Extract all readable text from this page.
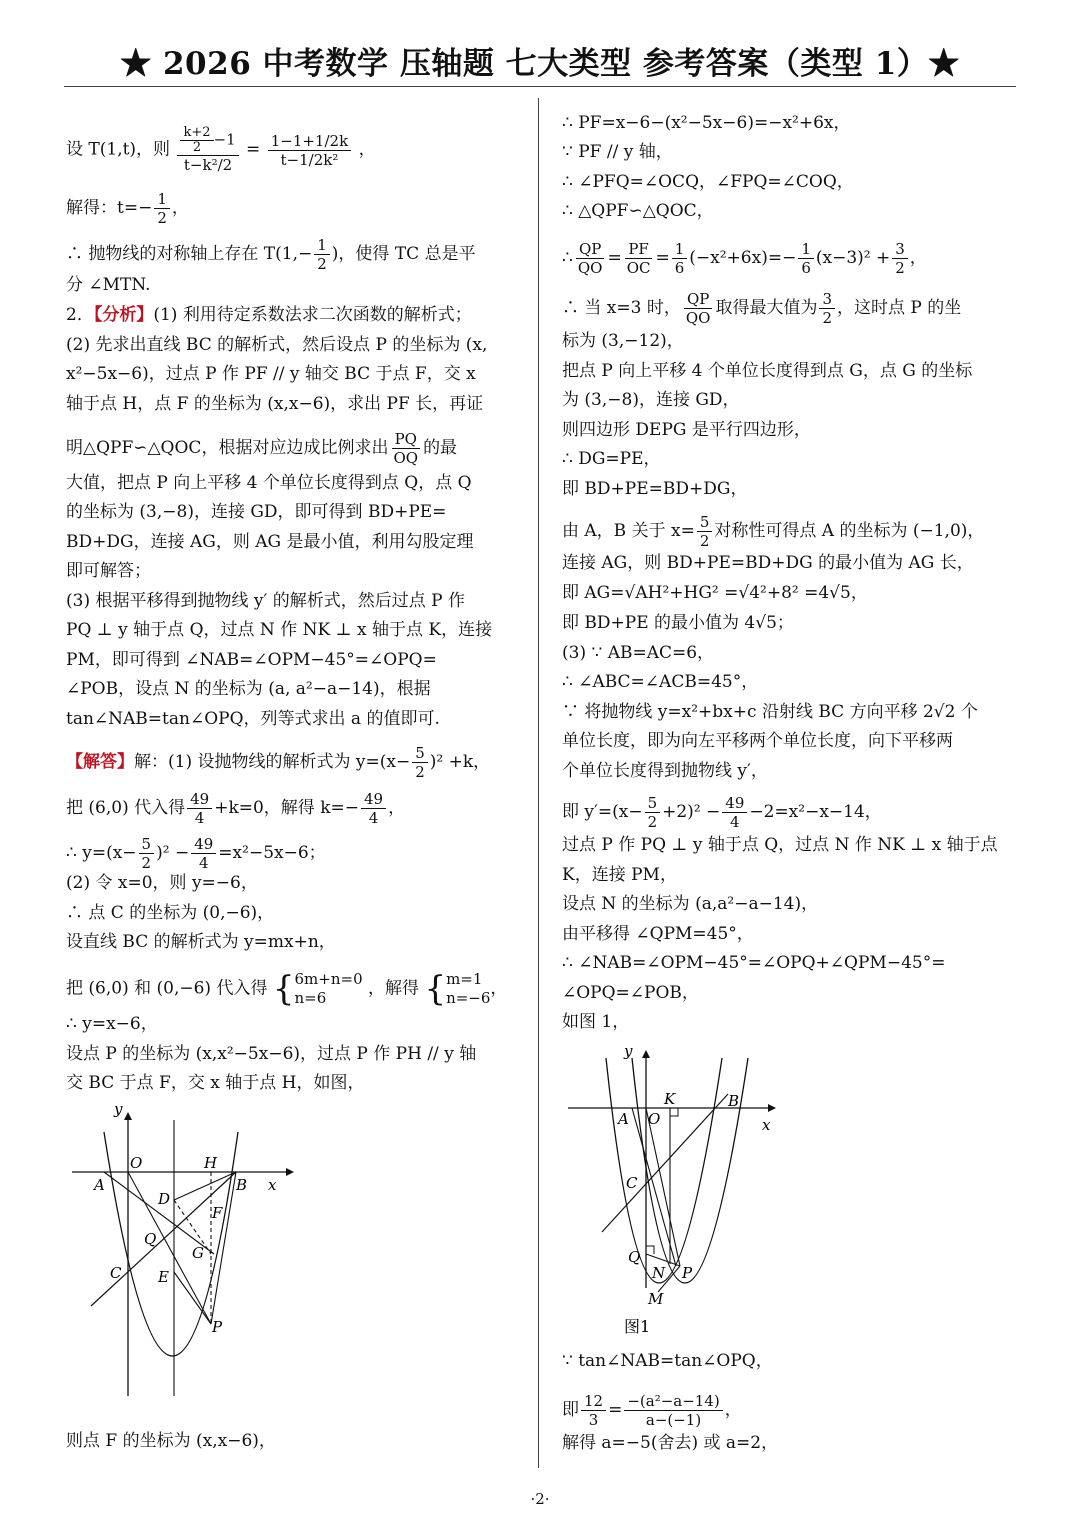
★ 2026 中考数学 压轴题 七大类型 参考答案（类型 1）★
设 T(1,t)，则 $\frac{\frac{k+2}{2} -1}{\text{t−k²/2}} = \frac{1-1+1/2k}{\text{t−1/2k²}}$ ，
解得：$t=- \frac{1}{2}$ ，
∴ 抛物线的对称轴上存在 $T(1,- \frac{1}{2}$ )，使得 TC 总是平
分 ∠MTN.
2．【分析】(1) 利用待定系数法求二次函数的解析式；
(2) 先求出直线 BC 的解析式，然后设点 P 的坐标为 (x,
x²−5x−6)，过点 P 作 PF // y 轴交 BC 于点 F，交 x
轴于点 H，点 F 的坐标为 (x,x−6)，求出 PF 长，再证
明△QPF∽△QOC，根据对应边成比例求出 $\frac{PQ}{OQ}$ 的最
大值，把点 P 向上平移 4 个单位长度得到点 Q，点 Q
的坐标为 (3,−8)，连接 GD，即可得到 BD+PE=
BD+DG，连接 AG，则 AG 是最小值，利用勾股定理
即可解答；
(3) 根据平移得到抛物线 y′ 的解析式，然后过点 P 作
PQ ⊥ y 轴于点 Q，过点 N 作 NK ⊥ x 轴于点 K，连接
PM，即可得到 ∠NAB=∠OPM−45°=∠OPQ=
∠POB，设点 N 的坐标为 (a, a²−a−14)，根据
tan∠NAB=tan∠OPQ，列等式求出 a 的值即可.
【解答】解：(1) 设抛物线的解析式为 $y=(x- \frac{5}{2} )^2 +k$，
把 (6,0) 代入得 $\frac{49}{4} +k=0$，解得 $k=- \frac{49}{4}$ ，
∴ $y=(x- \frac{5}{2} )^2 - \frac{49}{4} =x^2-5x-6$；
(2) 令 x=0，则 y=−6，
∴ 点 C 的坐标为 (0,−6)，
设直线 BC 的解析式为 y=mx+n，
把 (6,0) 和 (0,−6) 代入得 { 6m+n=0
n=6	，解得 { m=1
n=−6 ，
∴ y=x−6，
设点 P 的坐标为 (x,x²−5x−6)，过点 P 作 PH // y 轴
交 BC 于点 F，交 x 轴于点 H，如图，
y
x
O	H
A	B
D
F
Q
G
C E
P
则点 F 的坐标为 (x,x−6)，
∴ PF=x−6−(x²−5x−6)=−x²+6x，
∵ PF // y 轴，
∴ ∠PFQ=∠OCQ，∠FPQ=∠COQ，
∴ △QPF∽△QOC，
∴ $\frac{QP}{QO} = \frac{PF}{OC} = \frac{1}{6} (-x^2+6x)=- \frac{1}{6} (x-3)^2 + \frac{3}{2}$ ，
∴ 当 x=3 时， $\frac{QP}{QO}$ 取得最大值为 $\frac{3}{2}$ ，这时点 P 的坐
标为 (3,−12)，
把点 P 向上平移 4 个单位长度得到点 G，点 G 的坐标
为 (3,−8)，连接 GD，
则四边形 DEPG 是平行四边形，
∴ DG=PE，
即 BD+PE=BD+DG，
由 A，B 关于 $x= \frac{5}{2}$ 对称性可得点 A 的坐标为 (−1,0)，
连接 AG，则 BD+PE=BD+DG 的最小值为 AG 长，
即 AG=√AH²+HG² =√4²+8² =4√5，
即 BD+PE 的最小值为 4√5；
(3) ∵ AB=AC=6，
∴ ∠ABC=∠ACB=45°，
∵ 将抛物线 y=x²+bx+c 沿射线 BC 方向平移 2√2 个
单位长度，即为向左平移两个单位长度，向下平移两
个单位长度得到抛物线 y′，
即 $y'=(x- \frac{5}{2} +2)^2 - \frac{49}{4} -2=x^2-x-14$，
过点 P 作 PQ ⊥ y 轴于点 Q，过点 N 作 NK ⊥ x 轴于点
K，连接 PM，
设点 N 的坐标为 (a,a²−a−14)，
由平移得 ∠QPM=45°，
∴ ∠NAB=∠OPM−45°=∠OPQ+∠QPM−45°=
∠OPQ=∠POB，
如图 1，
y
x
K	B
A O
C
Q
N P
M
图1
∵ tan∠NAB=tan∠OPQ，
即 $\frac{12}{3} = \frac{\text{−(a²−a−14)}}{a-(-1)}$ ，
解得 a=−5(舍去) 或 a=2，
·2·
